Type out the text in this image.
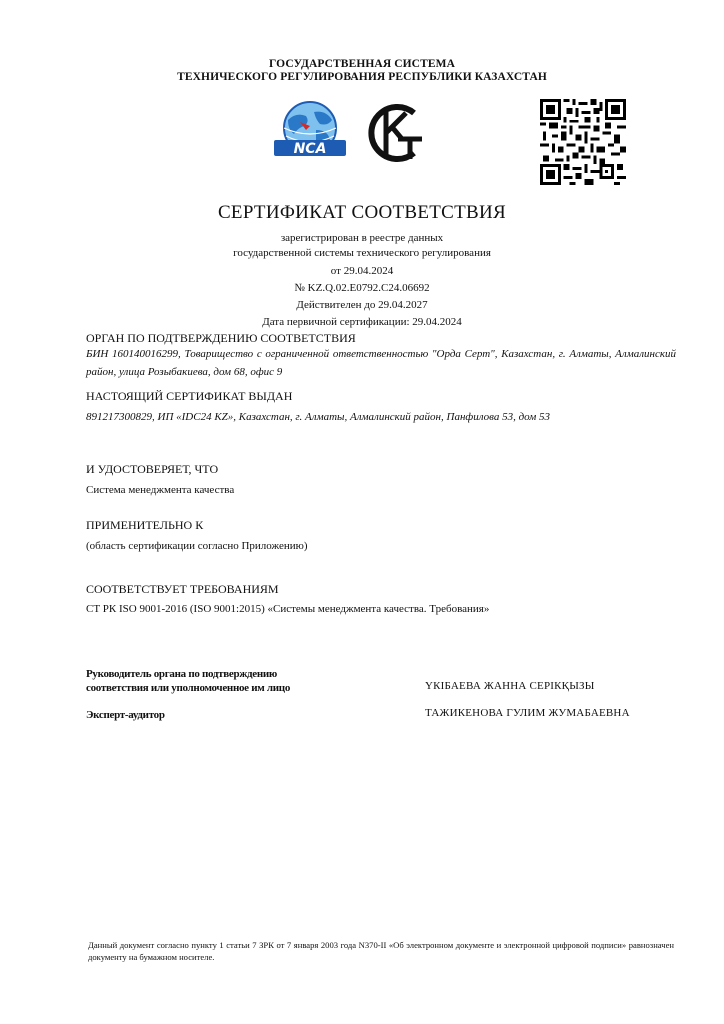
ГОСУДАРСТВЕННАЯ СИСТЕМА
ТЕХНИЧЕСКОГО РЕГУЛИРОВАНИЯ РЕСПУБЛИКИ КАЗАХСТАН
NCA
СЕРТИФИКАТ СООТВЕТСТВИЯ
зарегистрирован в реестре данных
государственной системы технического регулирования
от 29.04.2024
№ KZ.Q.02.E0792.C24.06692
Действителен до 29.04.2027
Дата первичной сертификации: 29.04.2024
ОРГАН ПО ПОДТВЕРЖДЕНИЮ СООТВЕТСТВИЯ
БИН 160140016299, Товарищество с ограниченной ответственностью "Орда Серт", Казахстан, г. Алматы, Алмалинский район, улица Розыбакиева, дом 68, офис 9
НАСТОЯЩИЙ СЕРТИФИКАТ ВЫДАН
891217300829, ИП «IDC24 KZ», Казахстан, г. Алматы, Алмалинский район, Панфилова 53, дом 53
И УДОСТОВЕРЯЕТ, ЧТО
Система менеджмента качества
ПРИМЕНИТЕЛЬНО К
(область сертификации согласно Приложению)
СООТВЕТСТВУЕТ ТРЕБОВАНИЯМ
СТ РК ISO 9001-2016 (ISO 9001:2015) «Системы менеджмента качества. Требования»
Руководитель органа по подтверждению
соответствия или уполномоченное им лицо	ҮКІБАЕВА ЖАННА СЕРІКҚЫЗЫ
Эксперт-аудитор	ТАЖИКЕНОВА ГУЛИМ ЖУМАБАЕВНА
Данный документ согласно пункту 1 статьи 7 ЗРК от 7 января 2003 года N370-II «Об электронном документе и электронной цифровой подписи» равнозначен документу на бумажном носителе.
